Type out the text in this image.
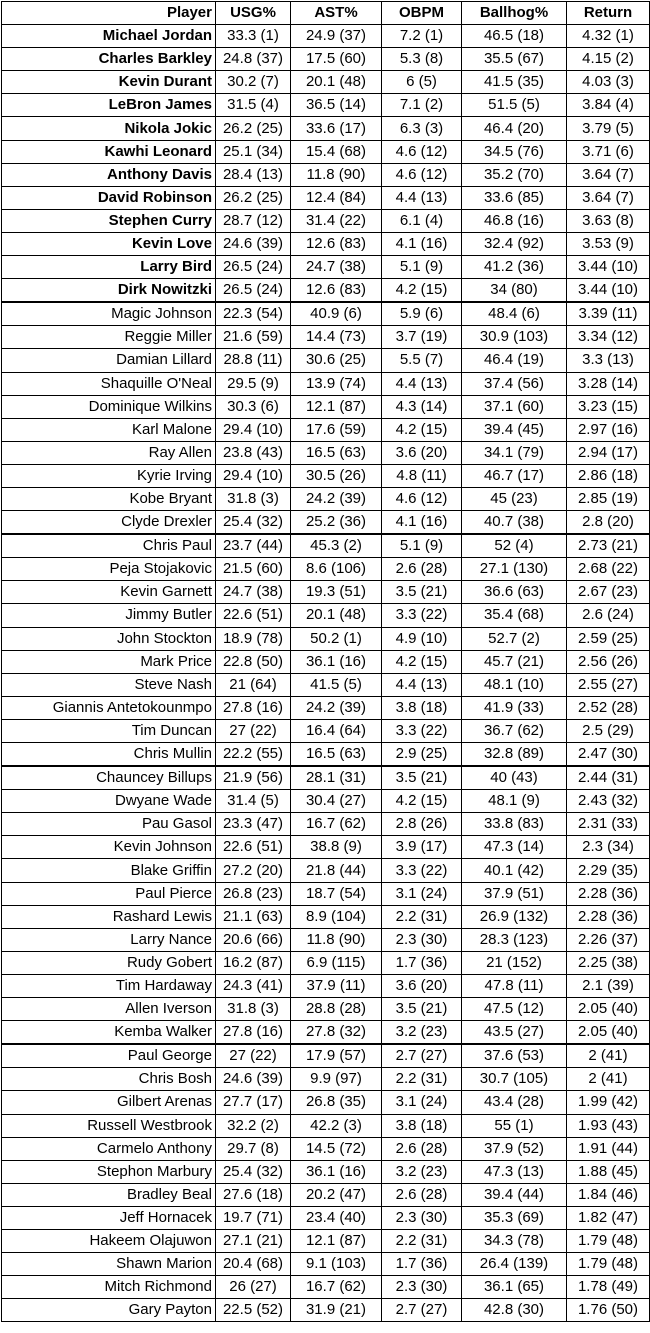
Player	USG%	AST%	OBPM	Ballhog%	Return
Michael Jordan	33.3 (1)	24.9 (37)	7.2 (1)	46.5 (18)	4.32 (1)
Charles Barkley	24.8 (37)	17.5 (60)	5.3 (8)	35.5 (67)	4.15 (2)
Kevin Durant	30.2 (7)	20.1 (48)	6 (5)	41.5 (35)	4.03 (3)
LeBron James	31.5 (4)	36.5 (14)	7.1 (2)	51.5 (5)	3.84 (4)
Nikola Jokic	26.2 (25)	33.6 (17)	6.3 (3)	46.4 (20)	3.79 (5)
Kawhi Leonard	25.1 (34)	15.4 (68)	4.6 (12)	34.5 (76)	3.71 (6)
Anthony Davis	28.4 (13)	11.8 (90)	4.6 (12)	35.2 (70)	3.64 (7)
David Robinson	26.2 (25)	12.4 (84)	4.4 (13)	33.6 (85)	3.64 (7)
Stephen Curry	28.7 (12)	31.4 (22)	6.1 (4)	46.8 (16)	3.63 (8)
Kevin Love	24.6 (39)	12.6 (83)	4.1 (16)	32.4 (92)	3.53 (9)
Larry Bird	26.5 (24)	24.7 (38)	5.1 (9)	41.2 (36)	3.44 (10)
Dirk Nowitzki	26.5 (24)	12.6 (83)	4.2 (15)	34 (80)	3.44 (10)
Magic Johnson	22.3 (54)	40.9 (6)	5.9 (6)	48.4 (6)	3.39 (11)
Reggie Miller	21.6 (59)	14.4 (73)	3.7 (19)	30.9 (103)	3.34 (12)
Damian Lillard	28.8 (11)	30.6 (25)	5.5 (7)	46.4 (19)	3.3 (13)
Shaquille O'Neal	29.5 (9)	13.9 (74)	4.4 (13)	37.4 (56)	3.28 (14)
Dominique Wilkins	30.3 (6)	12.1 (87)	4.3 (14)	37.1 (60)	3.23 (15)
Karl Malone	29.4 (10)	17.6 (59)	4.2 (15)	39.4 (45)	2.97 (16)
Ray Allen	23.8 (43)	16.5 (63)	3.6 (20)	34.1 (79)	2.94 (17)
Kyrie Irving	29.4 (10)	30.5 (26)	4.8 (11)	46.7 (17)	2.86 (18)
Kobe Bryant	31.8 (3)	24.2 (39)	4.6 (12)	45 (23)	2.85 (19)
Clyde Drexler	25.4 (32)	25.2 (36)	4.1 (16)	40.7 (38)	2.8 (20)
Chris Paul	23.7 (44)	45.3 (2)	5.1 (9)	52 (4)	2.73 (21)
Peja Stojakovic	21.5 (60)	8.6 (106)	2.6 (28)	27.1 (130)	2.68 (22)
Kevin Garnett	24.7 (38)	19.3 (51)	3.5 (21)	36.6 (63)	2.67 (23)
Jimmy Butler	22.6 (51)	20.1 (48)	3.3 (22)	35.4 (68)	2.6 (24)
John Stockton	18.9 (78)	50.2 (1)	4.9 (10)	52.7 (2)	2.59 (25)
Mark Price	22.8 (50)	36.1 (16)	4.2 (15)	45.7 (21)	2.56 (26)
Steve Nash	21 (64)	41.5 (5)	4.4 (13)	48.1 (10)	2.55 (27)
Giannis Antetokounmpo	27.8 (16)	24.2 (39)	3.8 (18)	41.9 (33)	2.52 (28)
Tim Duncan	27 (22)	16.4 (64)	3.3 (22)	36.7 (62)	2.5 (29)
Chris Mullin	22.2 (55)	16.5 (63)	2.9 (25)	32.8 (89)	2.47 (30)
Chauncey Billups	21.9 (56)	28.1 (31)	3.5 (21)	40 (43)	2.44 (31)
Dwyane Wade	31.4 (5)	30.4 (27)	4.2 (15)	48.1 (9)	2.43 (32)
Pau Gasol	23.3 (47)	16.7 (62)	2.8 (26)	33.8 (83)	2.31 (33)
Kevin Johnson	22.6 (51)	38.8 (9)	3.9 (17)	47.3 (14)	2.3 (34)
Blake Griffin	27.2 (20)	21.8 (44)	3.3 (22)	40.1 (42)	2.29 (35)
Paul Pierce	26.8 (23)	18.7 (54)	3.1 (24)	37.9 (51)	2.28 (36)
Rashard Lewis	21.1 (63)	8.9 (104)	2.2 (31)	26.9 (132)	2.28 (36)
Larry Nance	20.6 (66)	11.8 (90)	2.3 (30)	28.3 (123)	2.26 (37)
Rudy Gobert	16.2 (87)	6.9 (115)	1.7 (36)	21 (152)	2.25 (38)
Tim Hardaway	24.3 (41)	37.9 (11)	3.6 (20)	47.8 (11)	2.1 (39)
Allen Iverson	31.8 (3)	28.8 (28)	3.5 (21)	47.5 (12)	2.05 (40)
Kemba Walker	27.8 (16)	27.8 (32)	3.2 (23)	43.5 (27)	2.05 (40)
Paul George	27 (22)	17.9 (57)	2.7 (27)	37.6 (53)	2 (41)
Chris Bosh	24.6 (39)	9.9 (97)	2.2 (31)	30.7 (105)	2 (41)
Gilbert Arenas	27.7 (17)	26.8 (35)	3.1 (24)	43.4 (28)	1.99 (42)
Russell Westbrook	32.2 (2)	42.2 (3)	3.8 (18)	55 (1)	1.93 (43)
Carmelo Anthony	29.7 (8)	14.5 (72)	2.6 (28)	37.9 (52)	1.91 (44)
Stephon Marbury	25.4 (32)	36.1 (16)	3.2 (23)	47.3 (13)	1.88 (45)
Bradley Beal	27.6 (18)	20.2 (47)	2.6 (28)	39.4 (44)	1.84 (46)
Jeff Hornacek	19.7 (71)	23.4 (40)	2.3 (30)	35.3 (69)	1.82 (47)
Hakeem Olajuwon	27.1 (21)	12.1 (87)	2.2 (31)	34.3 (78)	1.79 (48)
Shawn Marion	20.4 (68)	9.1 (103)	1.7 (36)	26.4 (139)	1.79 (48)
Mitch Richmond	26 (27)	16.7 (62)	2.3 (30)	36.1 (65)	1.78 (49)
Gary Payton	22.5 (52)	31.9 (21)	2.7 (27)	42.8 (30)	1.76 (50)
